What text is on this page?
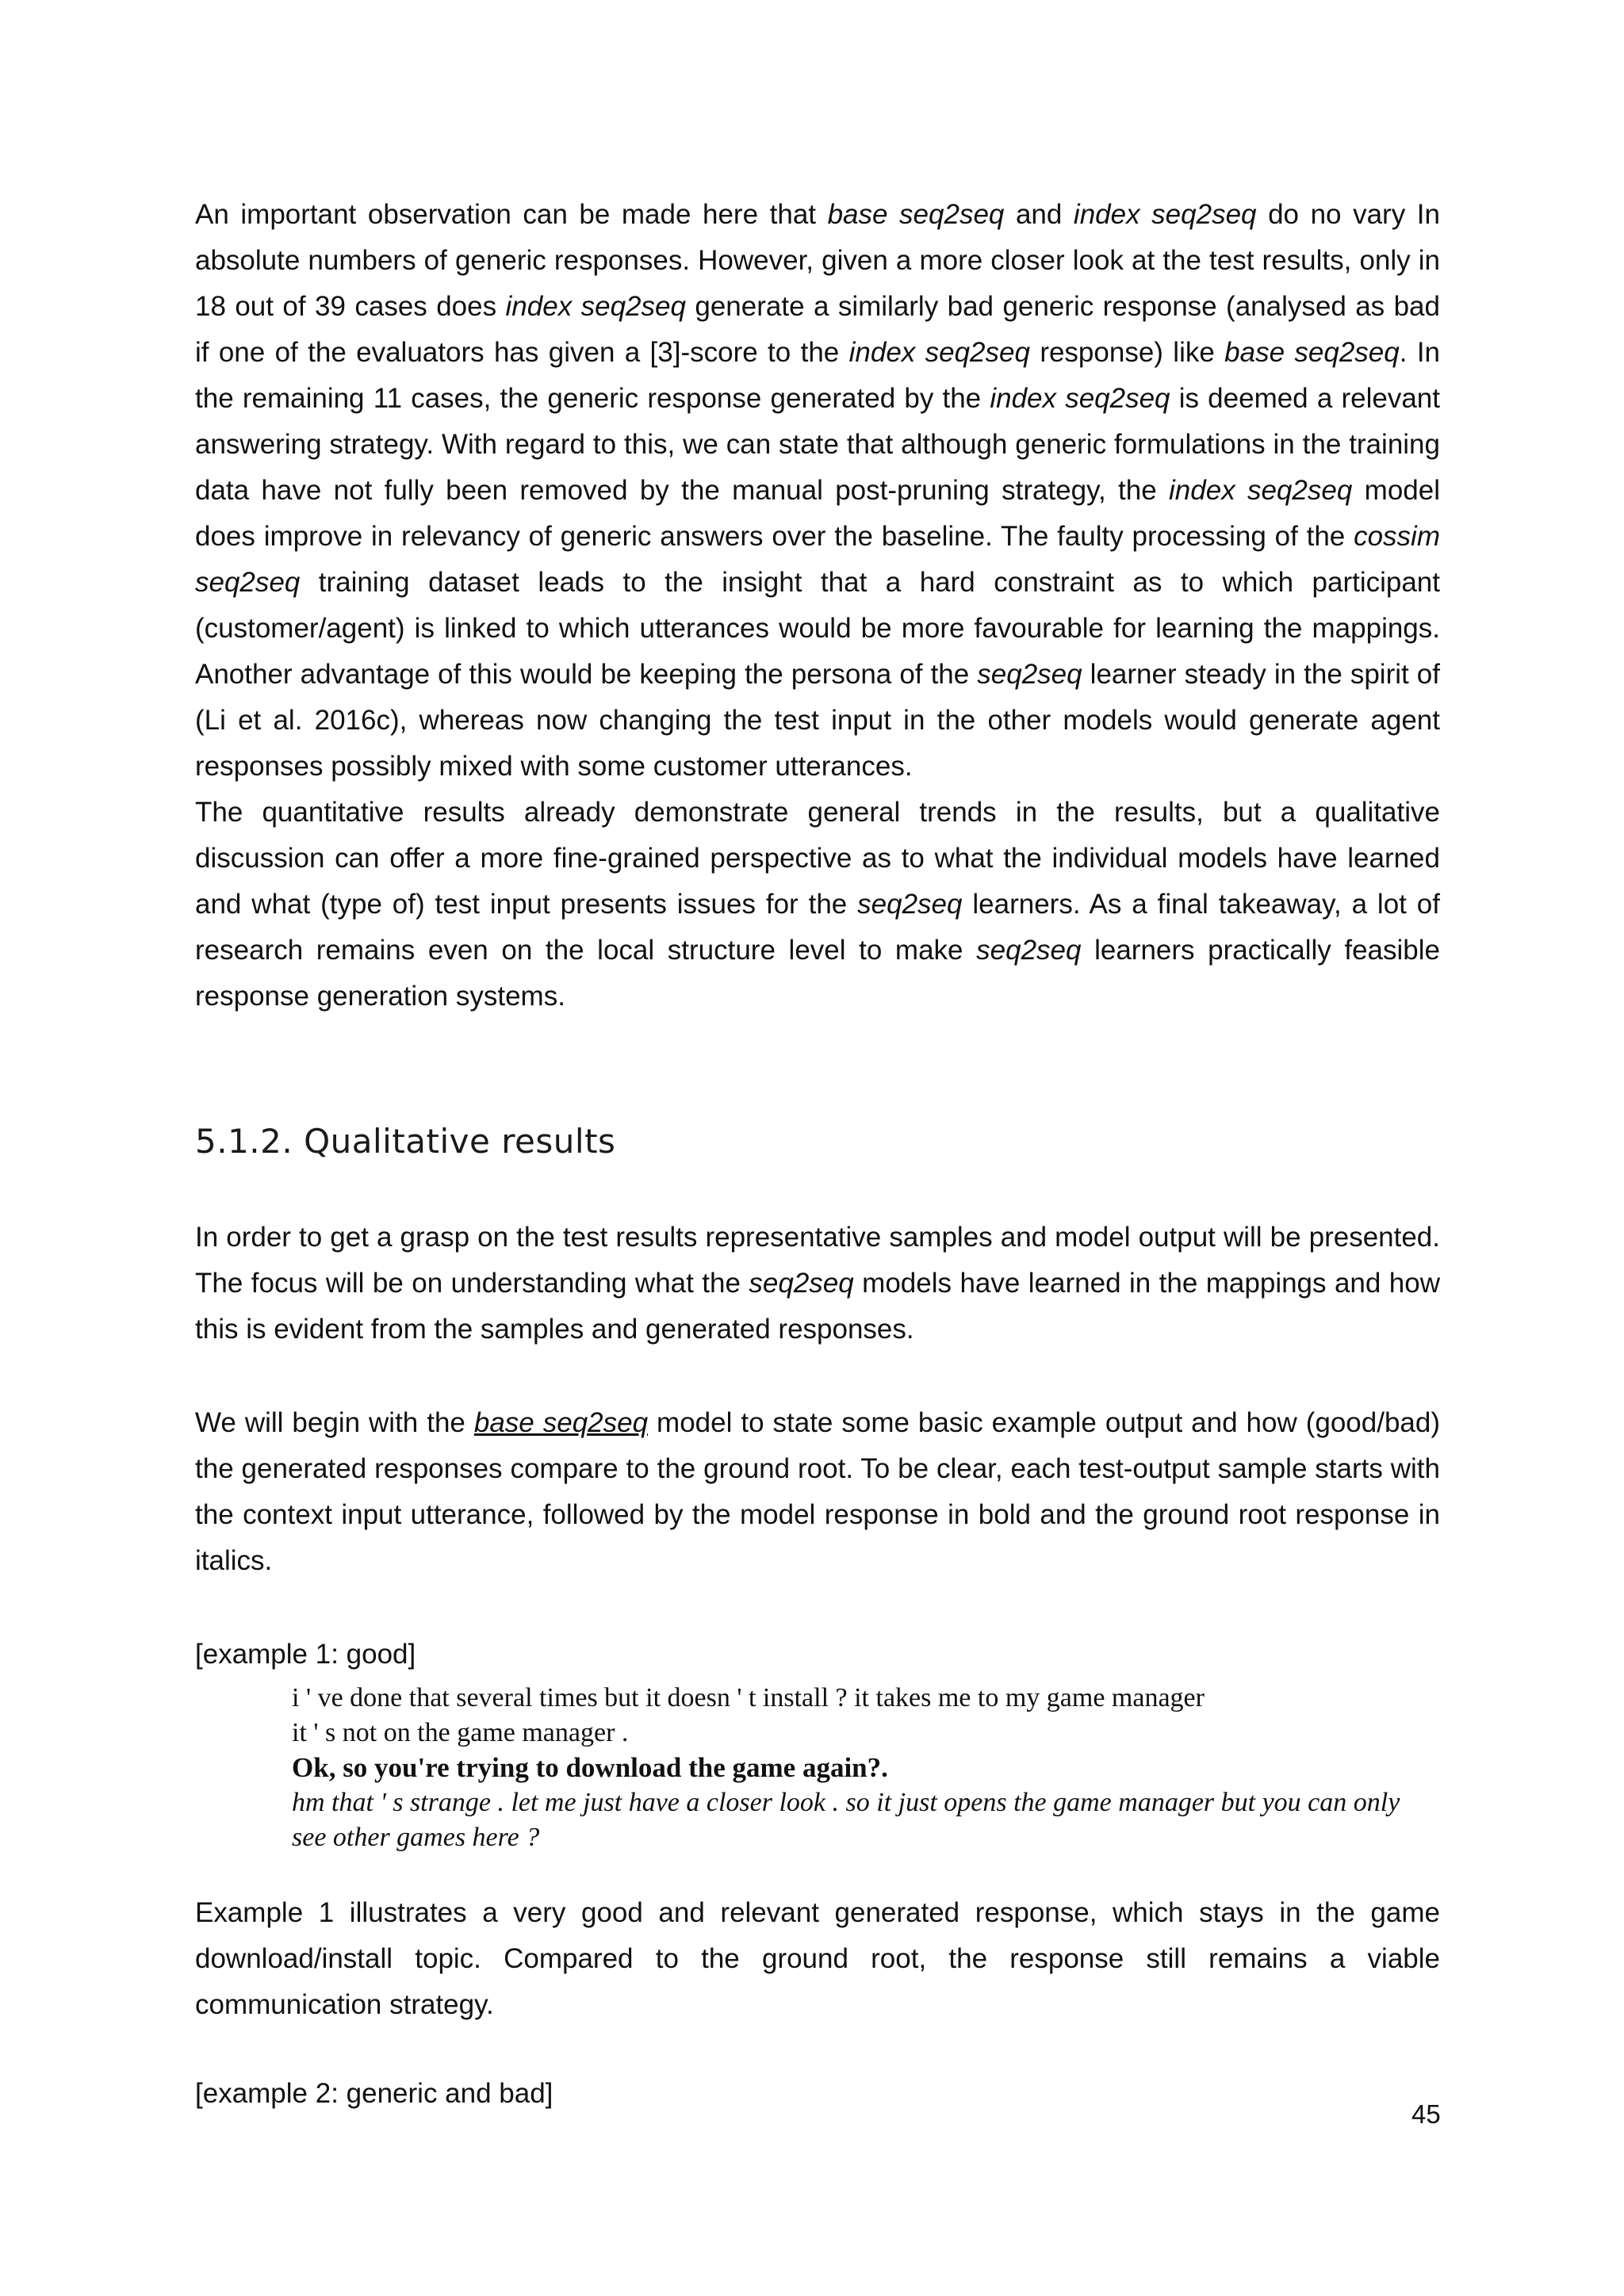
An important observation can be made here that base seq2seq and index seq2seq do no vary In absolute numbers of generic responses. However, given a more closer look at the test results, only in 18 out of 39 cases does index seq2seq generate a similarly bad generic response (analysed as bad if one of the evaluators has given a [3]-score to the index seq2seq response) like base seq2seq. In the remaining 11 cases, the generic response generated by the index seq2seq is deemed a relevant answering strategy. With regard to this, we can state that although generic formulations in the training data have not fully been removed by the manual post-pruning strategy, the index seq2seq model does improve in relevancy of generic answers over the baseline. The faulty processing of the cossim seq2seq training dataset leads to the insight that a hard constraint as to which participant (customer/agent) is linked to which utterances would be more favourable for learning the mappings. Another advantage of this would be keeping the persona of the seq2seq learner steady in the spirit of (Li et al. 2016c), whereas now changing the test input in the other models would generate agent responses possibly mixed with some customer utterances.

The quantitative results already demonstrate general trends in the results, but a qualitative discussion can offer a more fine-grained perspective as to what the individual models have learned and what (type of) test input presents issues for the seq2seq learners. As a final takeaway, a lot of research remains even on the local structure level to make seq2seq learners practically feasible response generation systems.

5.1.2. Qualitative results

In order to get a grasp on the test results representative samples and model output will be presented. The focus will be on understanding what the seq2seq models have learned in the mappings and how this is evident from the samples and generated responses.

We will begin with the base seq2seq model to state some basic example output and how (good/bad) the generated responses compare to the ground root. To be clear, each test-output sample starts with the context input utterance, followed by the model response in bold and the ground root response in italics.

[example 1: good]
i ' ve done that several times but it doesn ' t install ? it takes me to my game manager
it ' s not on the game manager .
Ok, so you're trying to download the game again?.
hm that ' s strange . let me just have a closer look . so it just opens the game manager but you can only see other games here ?

Example 1 illustrates a very good and relevant generated response, which stays in the game download/install topic. Compared to the ground root, the response still remains a viable communication strategy.

[example 2: generic and bad]
45
